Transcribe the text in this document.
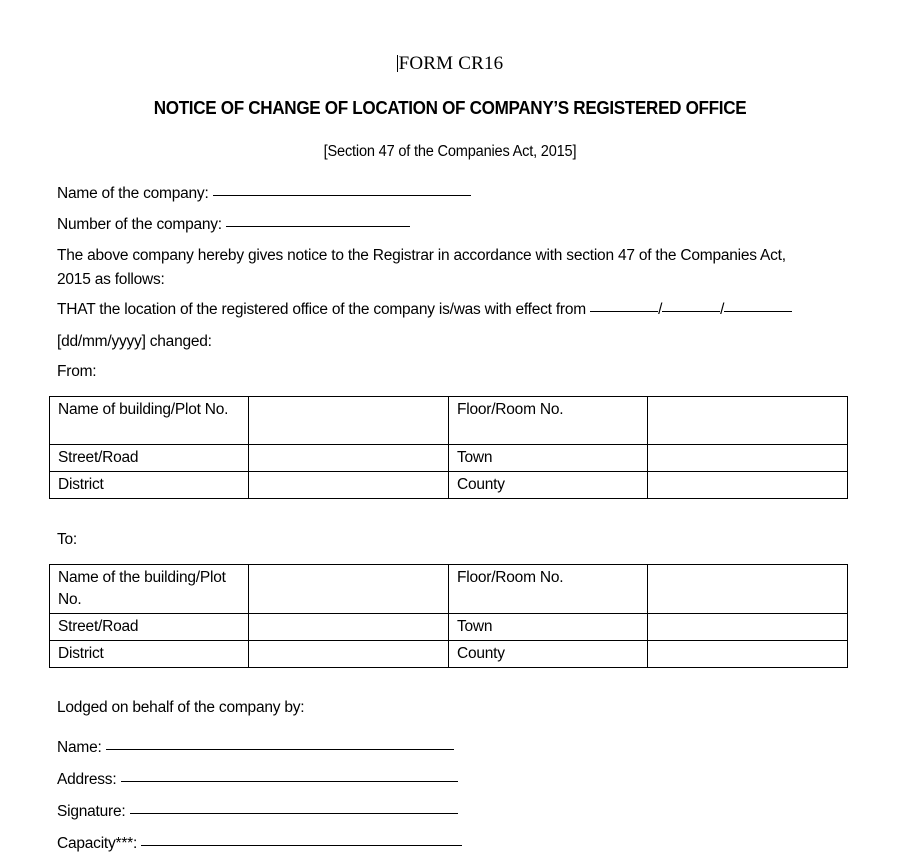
FORM CR16
NOTICE OF CHANGE OF LOCATION OF COMPANY’S REGISTERED OFFICE
[Section 47 of the Companies Act, 2015]
Name of the company:
Number of the company:
The above company hereby gives notice to the Registrar in accordance with section 47 of the Companies Act, 2015 as follows:
THAT the location of the registered office of the company is/was with effect from	/	/
[dd/mm/yyyy] changed:
From:
Name of building/Plot No.		Floor/Room No.	
Street/Road		Town	
District		County	
To:
Name of the building/Plot No.		Floor/Room No.	
Street/Road		Town	
District		County	
Lodged on behalf of the company by:
Name:
Address:
Signature:
Capacity***:
